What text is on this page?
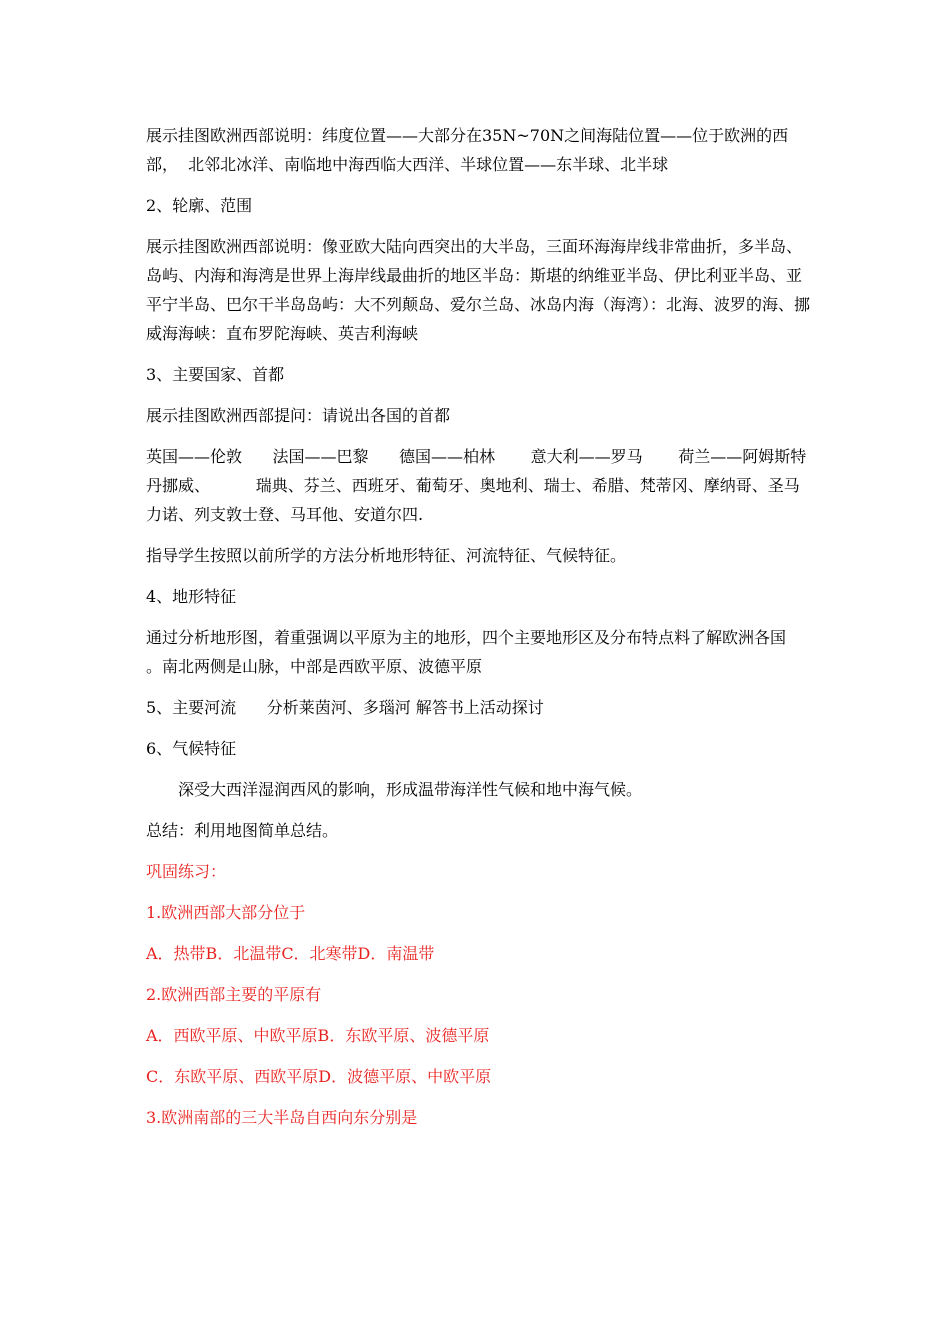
展示挂图欧洲西部说明：纬度位置——大部分在35N~70N之间海陆位置——位于欧洲的西部，  北邻北冰洋、南临地中海西临大西洋、半球位置——东半球、北半球

2、轮廓、范围

展示挂图欧洲西部说明：像亚欧大陆向西突出的大半岛，三面环海海岸线非常曲折，多半岛、岛屿、内海和海湾是世界上海岸线最曲折的地区半岛：斯堪的纳维亚半岛、伊比利亚半岛、亚平宁半岛、巴尔干半岛岛屿：大不列颠岛、爱尔兰岛、冰岛内海（海湾）：北海、波罗的海、挪威海海峡：直布罗陀海峡、英吉利海峡

3、主要国家、首都

展示挂图欧洲西部提问：请说出各国的首都

英国——伦敦      法国——巴黎      德国——柏林       意大利——罗马       荷兰——阿姆斯特丹挪威、         瑞典、芬兰、西班牙、葡萄牙、奥地利、瑞士、希腊、梵蒂冈、摩纳哥、圣马力诺、列支敦士登、马耳他、安道尔四.

指导学生按照以前所学的方法分析地形特征、河流特征、气候特征。

4、地形特征

通过分析地形图，着重强调以平原为主的地形，四个主要地形区及分布特点料了解欧洲各国   。南北两侧是山脉，中部是西欧平原、波德平原

5、主要河流      分析莱茵河、多瑙河 解答书上活动探讨

6、气候特征

深受大西洋湿润西风的影响，形成温带海洋性气候和地中海气候。

总结：利用地图简单总结。

巩固练习：

1.欧洲西部大部分位于

A．热带B．北温带C．北寒带D．南温带

2.欧洲西部主要的平原有

A．西欧平原、中欧平原B．东欧平原、波德平原

C．东欧平原、西欧平原D．波德平原、中欧平原

3.欧洲南部的三大半岛自西向东分别是
